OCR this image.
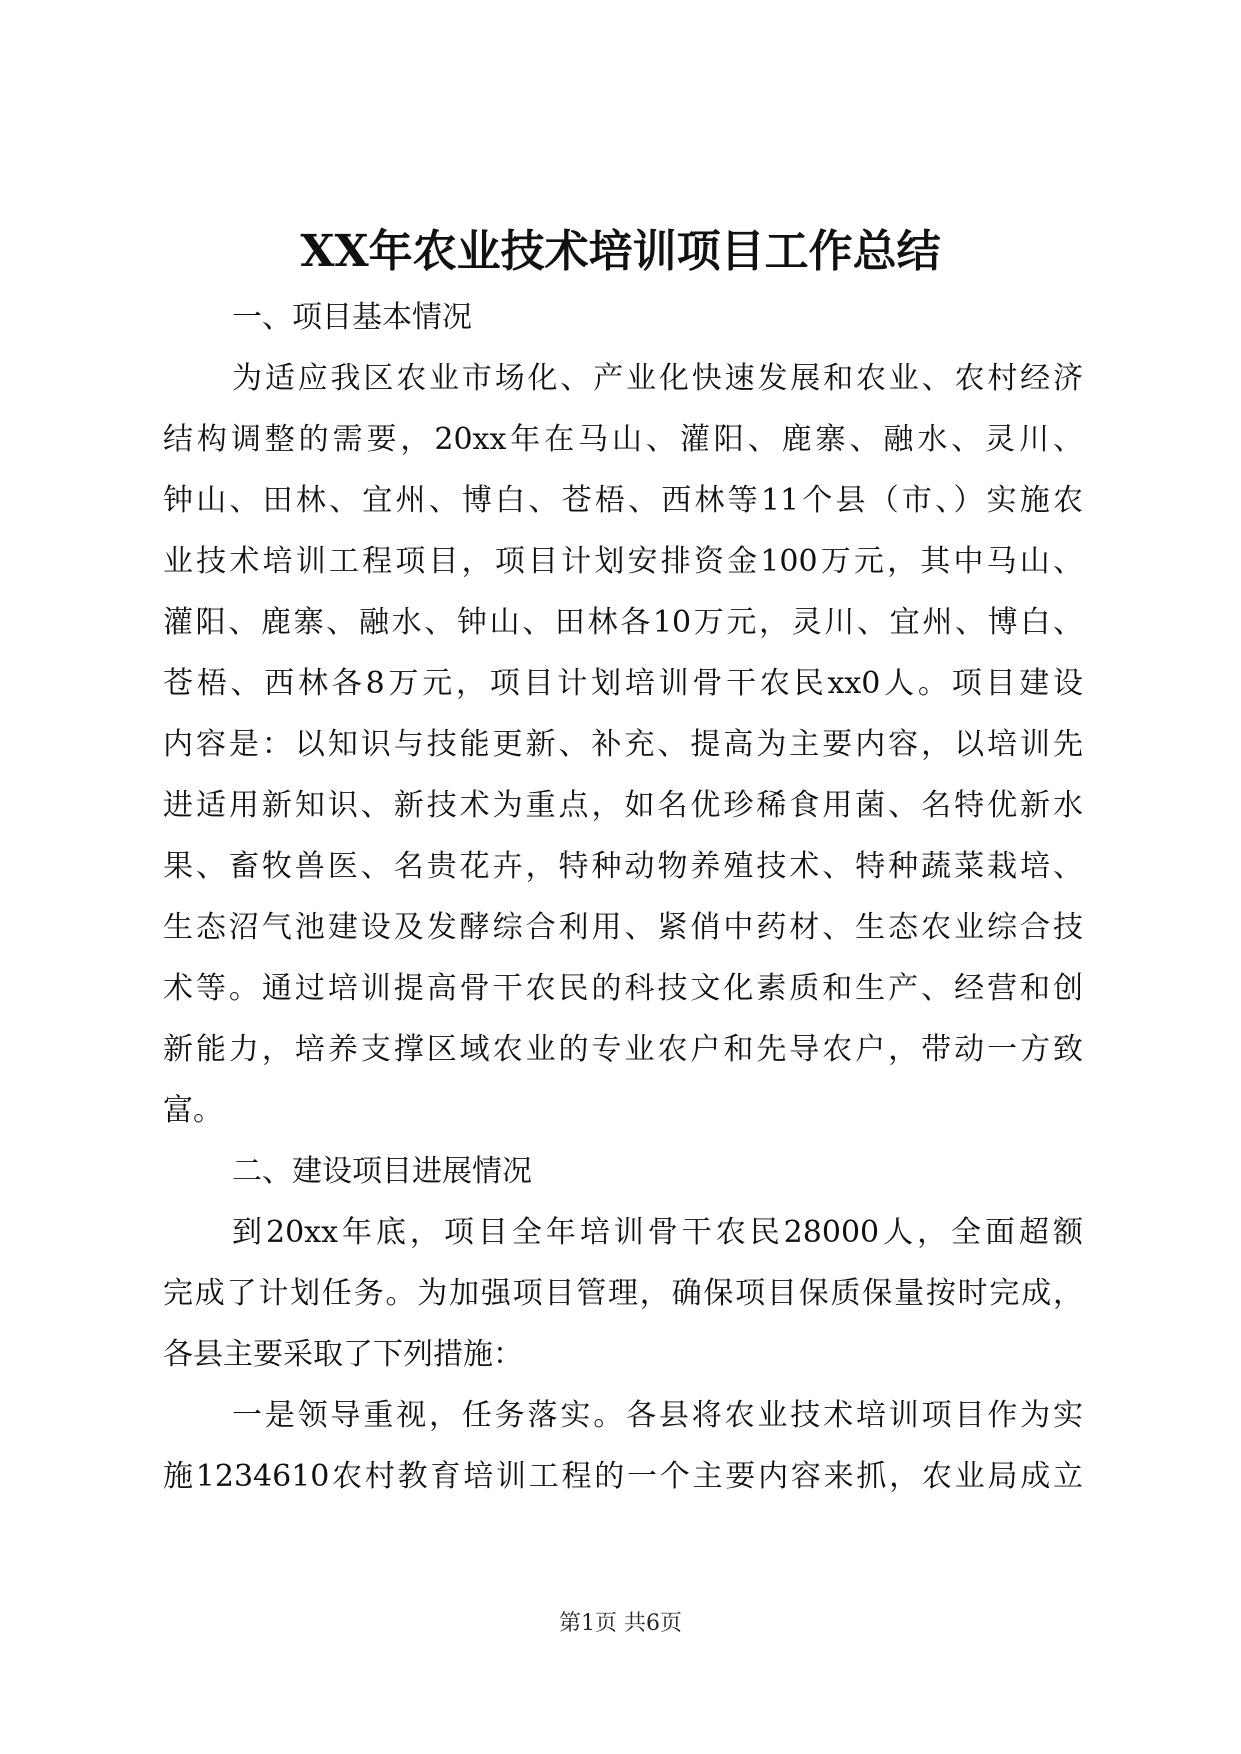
XX年农业技术培训项目工作总结
一、项目基本情况
为适应我区农业市场化、产业化快速发展和农业、农村经济
结构调整的需要，20xx年在马山、灌阳、鹿寨、融水、灵川、
钟山、田林、宜州、博白、苍梧、西林等11个县（市、）实施农
业技术培训工程项目，项目计划安排资金100万元，其中马山、
灌阳、鹿寨、融水、钟山、田林各10万元，灵川、宜州、博白、
苍梧、西林各8万元，项目计划培训骨干农民xx0人。项目建设
内容是：以知识与技能更新、补充、提高为主要内容，以培训先
进适用新知识、新技术为重点，如名优珍稀食用菌、名特优新水
果、畜牧兽医、名贵花卉，特种动物养殖技术、特种蔬菜栽培、
生态沼气池建设及发酵综合利用、紧俏中药材、生态农业综合技
术等。通过培训提高骨干农民的科技文化素质和生产、经营和创
新能力，培养支撑区域农业的专业农户和先导农户，带动一方致
富。
二、建设项目进展情况
到20xx年底，项目全年培训骨干农民28000人，全面超额
完成了计划任务。为加强项目管理，确保项目保质保量按时完成，
各县主要采取了下列措施：
一是领导重视，任务落实。各县将农业技术培训项目作为实
施1234610农村教育培训工程的一个主要内容来抓，农业局成立
第1页 共6页
